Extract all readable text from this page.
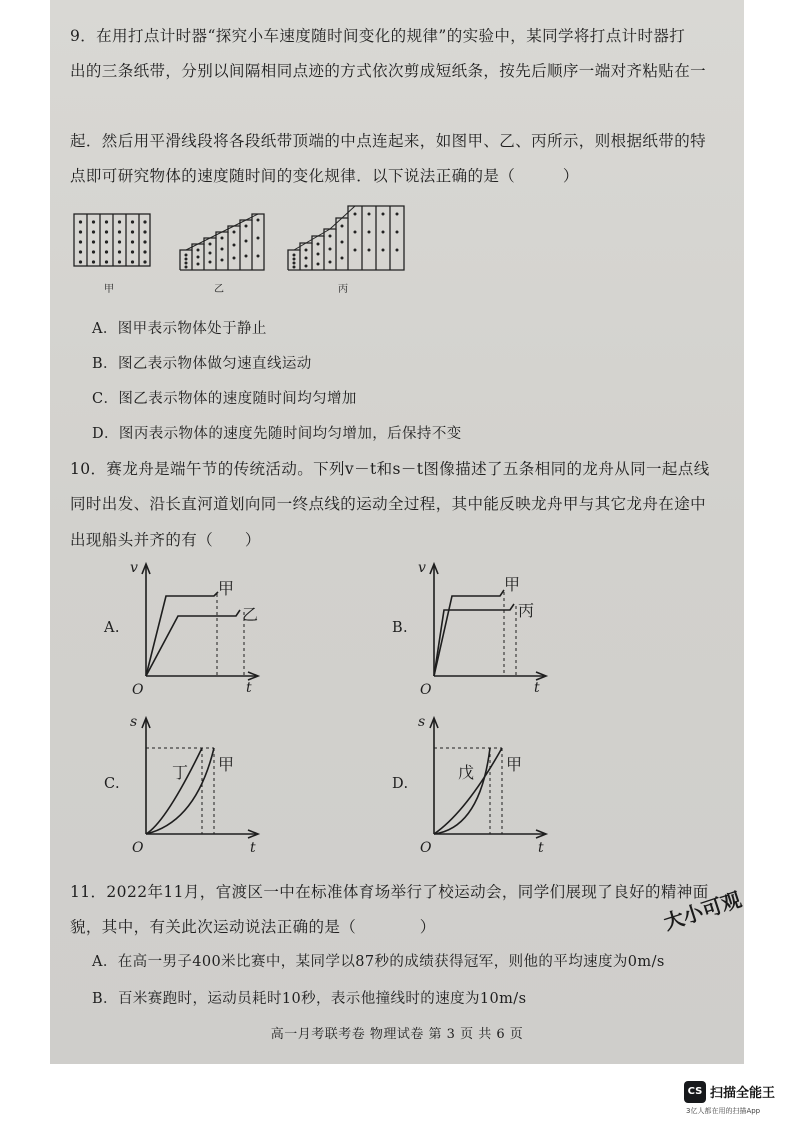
9．在用打点计时器“探究小车速度随时间变化的规律”的实验中，某同学将打点计时器打
出的三条纸带，分别以间隔相同点迹的方式依次剪成短纸条，按先后顺序一端对齐粘贴在一
起．然后用平滑线段将各段纸带顶端的中点连起来，如图甲、乙、丙所示，则根据纸带的特
点即可研究物体的速度随时间的变化规律．以下说法正确的是（　　　）
甲	乙	丙
A．图甲表示物体处于静止
B．图乙表示物体做匀速直线运动
C．图乙表示物体的速度随时间均匀增加
D．图丙表示物体的速度先随时间均匀增加，后保持不变
10．赛龙舟是端午节的传统活动。下列v－t和s－t图像描述了五条相同的龙舟从同一起点线
同时出发、沿长直河道划向同一终点线的运动全过程，其中能反映龙舟甲与其它龙舟在途中
出现船头并齐的有（　　）
A.
v
t
O
甲
乙
B.
v
t
O
甲
丙
C.
s
t
O
丁 甲
D.
s
t
O
戊 甲
11．2022年11月，官渡区一中在标准体育场举行了校运动会，同学们展现了良好的精神面
貌，其中，有关此次运动说法正确的是（　　　　）	大小可观
A．在高一男子400米比赛中，某同学以87秒的成绩获得冠军，则他的平均速度为0m/s
B．百米赛跑时，运动员耗时10秒，表示他撞线时的速度为10m/s
高一月考联考卷 物理试卷 第 3 页 共 6 页
CS 扫描全能王
3亿人都在用的扫描App
